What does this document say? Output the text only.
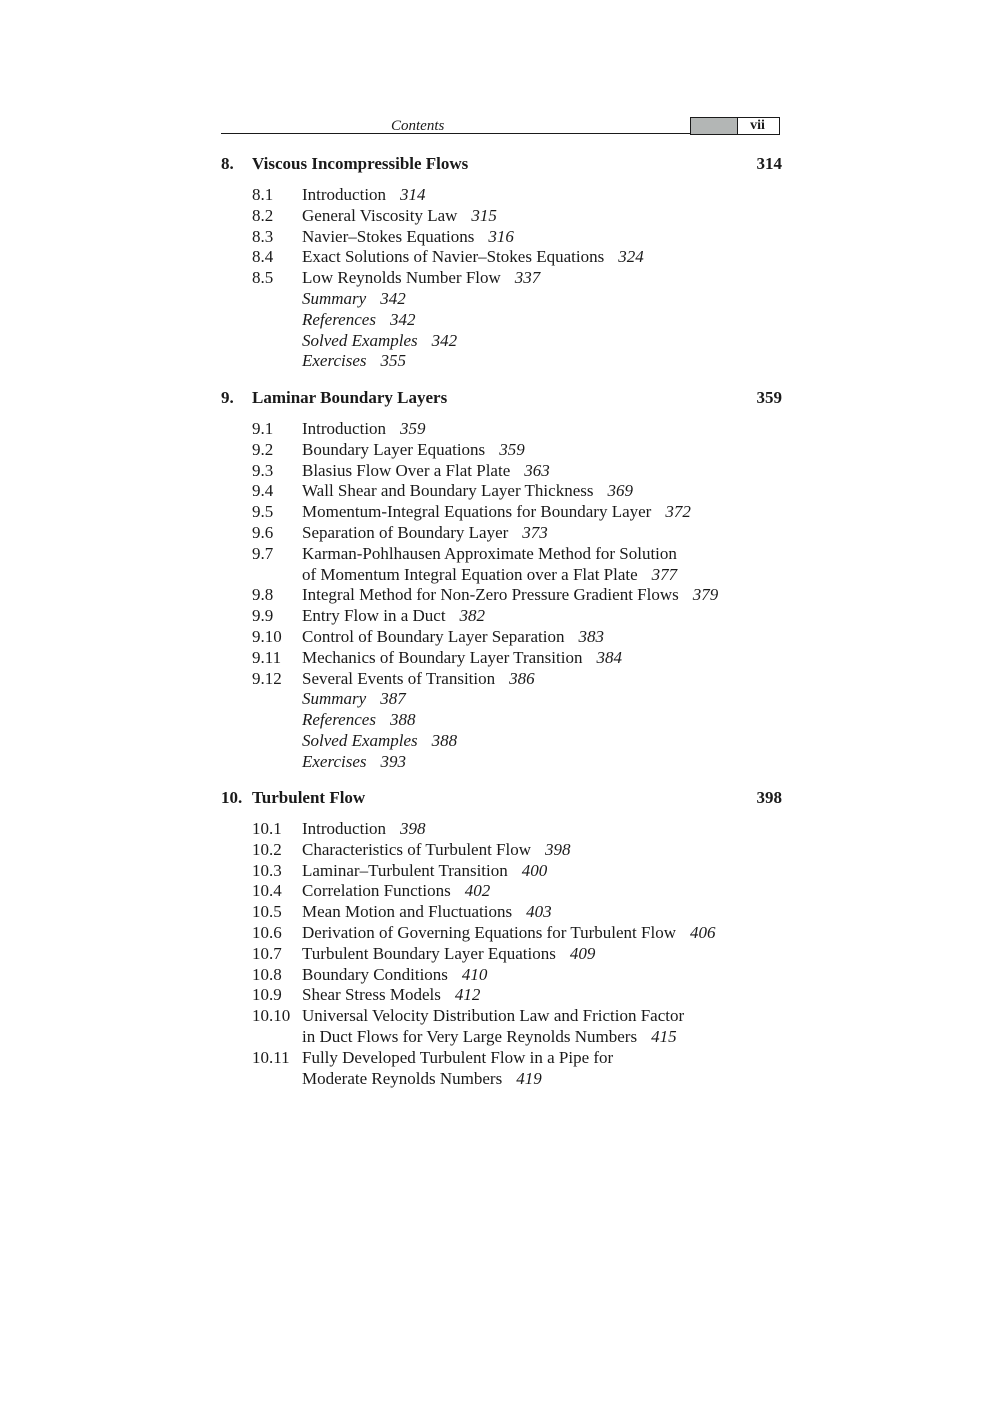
Contents	vii
8. Viscous Incompressible Flows	314
8.1 Introduction 314
8.2 General Viscosity Law 315
8.3 Navier–Stokes Equations 316
8.4 Exact Solutions of Navier–Stokes Equations 324
8.5 Low Reynolds Number Flow 337
Summary 342
References 342
Solved Examples 342
Exercises 355
9. Laminar Boundary Layers	359
9.1 Introduction 359
9.2 Boundary Layer Equations 359
9.3 Blasius Flow Over a Flat Plate 363
9.4 Wall Shear and Boundary Layer Thickness 369
9.5 Momentum-Integral Equations for Boundary Layer 372
9.6 Separation of Boundary Layer 373
9.7 Karman-Pohlhausen Approximate Method for Solution
of Momentum Integral Equation over a Flat Plate 377
9.8 Integral Method for Non-Zero Pressure Gradient Flows 379
9.9 Entry Flow in a Duct 382
9.10 Control of Boundary Layer Separation 383
9.11 Mechanics of Boundary Layer Transition 384
9.12 Several Events of Transition 386
Summary 387
References 388
Solved Examples 388
Exercises 393
10. Turbulent Flow	398
10.1 Introduction 398
10.2 Characteristics of Turbulent Flow 398
10.3 Laminar–Turbulent Transition 400
10.4 Correlation Functions 402
10.5 Mean Motion and Fluctuations 403
10.6 Derivation of Governing Equations for Turbulent Flow 406
10.7 Turbulent Boundary Layer Equations 409
10.8 Boundary Conditions 410
10.9 Shear Stress Models 412
10.10 Universal Velocity Distribution Law and Friction Factor
in Duct Flows for Very Large Reynolds Numbers 415
10.11 Fully Developed Turbulent Flow in a Pipe for
Moderate Reynolds Numbers 419
